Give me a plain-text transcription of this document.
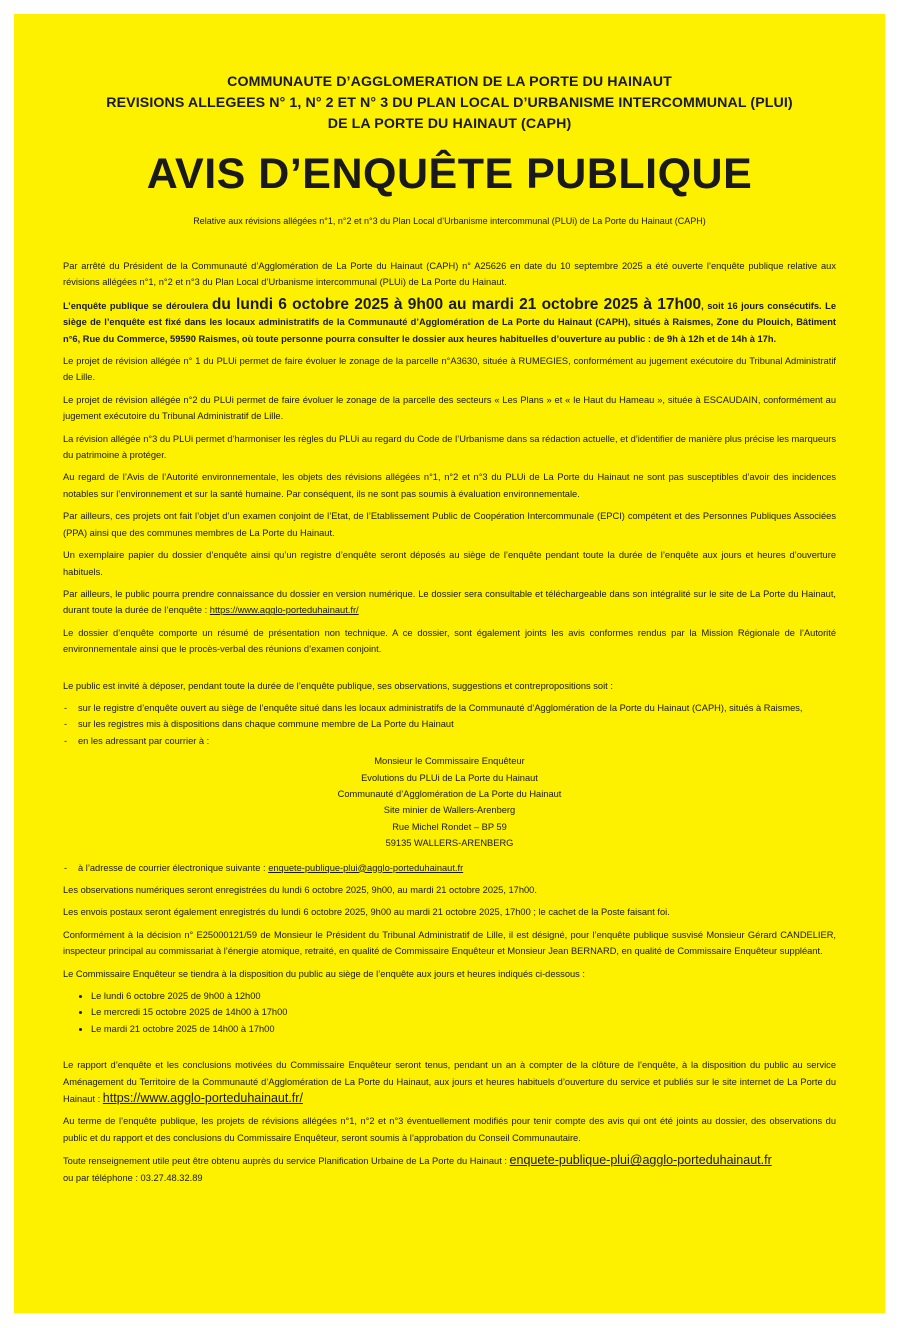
COMMUNAUTE D’AGGLOMERATION DE LA PORTE DU HAINAUT
REVISIONS ALLEGEES N° 1, N° 2 ET N° 3 DU PLAN LOCAL D’URBANISME INTERCOMMUNAL (PLUI)
DE LA PORTE DU HAINAUT (CAPH)
AVIS D’ENQUÊTE PUBLIQUE
Relative aux révisions allégées n°1, n°2 et n°3 du Plan Local d’Urbanisme intercommunal (PLUi) de La Porte du Hainaut (CAPH)

Par arrêté du Président de la Communauté d’Agglomération de La Porte du Hainaut (CAPH) n° A25626 en date du 10 septembre 2025 a été ouverte l’enquête publique relative aux révisions allégées n°1, n°2 et n°3 du Plan Local d’Urbanisme intercommunal (PLUi) de La Porte du Hainaut.

L’enquête publique se déroulera du lundi 6 octobre 2025 à 9h00 au mardi 21 octobre 2025 à 17h00, soit 16 jours consécutifs. Le siège de l’enquête est fixé dans les locaux administratifs de la Communauté d’Agglomération de La Porte du Hainaut (CAPH), situés à Raismes, Zone du Plouich, Bâtiment n°6, Rue du Commerce, 59590 Raismes, où toute personne pourra consulter le dossier aux heures habituelles d’ouverture au public : de 9h à 12h et de 14h à 17h.

Le projet de révision allégée n° 1 du PLUi permet de faire évoluer le zonage de la parcelle n°A3630, située à RUMEGIES, conformément au jugement exécutoire du Tribunal Administratif de Lille.

Le projet de révision allégée n°2 du PLUi permet de faire évoluer le zonage de la parcelle des secteurs « Les Plans » et « le Haut du Hameau », située à ESCAUDAIN, conformément au jugement exécutoire du Tribunal Administratif de Lille.

La révision allégée n°3 du PLUi permet d’harmoniser les règles du PLUi au regard du Code de l’Urbanisme dans sa rédaction actuelle, et d’identifier de manière plus précise les marqueurs du patrimoine à protéger.

Au regard de l’Avis de l’Autorité environnementale, les objets des révisions allégées n°1, n°2 et n°3 du PLUi de La Porte du Hainaut ne sont pas susceptibles d’avoir des incidences notables sur l’environnement et sur la santé humaine. Par conséquent, ils ne sont pas soumis à évaluation environnementale.

Par ailleurs, ces projets ont fait l’objet d’un examen conjoint de l’Etat, de l’Etablissement Public de Coopération Intercommunale (EPCI) compétent et des Personnes Publiques Associées (PPA) ainsi que des communes membres de La Porte du Hainaut.

Un exemplaire papier du dossier d’enquête ainsi qu’un registre d’enquête seront déposés au siège de l’enquête pendant toute la durée de l’enquête aux jours et heures d’ouverture habituels.

Par ailleurs, le public pourra prendre connaissance du dossier en version numérique. Le dossier sera consultable et téléchargeable dans son intégralité sur le site de La Porte du Hainaut, durant toute la durée de l’enquête : https://www.agglo-porteduhainaut.fr/

Le dossier d’enquête comporte un résumé de présentation non technique. A ce dossier, sont également joints les avis conformes rendus par la Mission Régionale de l’Autorité environnementale ainsi que le procès-verbal des réunions d’examen conjoint.

Le public est invité à déposer, pendant toute la durée de l’enquête publique, ses observations, suggestions et contrepropositions soit :

- sur le registre d’enquête ouvert au siège de l’enquête situé dans les locaux administratifs de la Communauté d’Agglomération de la Porte du Hainaut (CAPH), situés à Raismes,
- sur les registres mis à dispositions dans chaque commune membre de La Porte du Hainaut
- en les adressant par courrier à :
Monsieur le Commissaire Enquêteur
Evolutions du PLUi de La Porte du Hainaut
Communauté d’Agglomération de La Porte du Hainaut
Site minier de Wallers-Arenberg
Rue Michel Rondet – BP 59
59135 WALLERS-ARENBERG
- à l’adresse de courrier électronique suivante : enquete-publique-plui@agglo-porteduhainaut.fr

Les observations numériques seront enregistrées du lundi 6 octobre 2025, 9h00, au mardi 21 octobre 2025, 17h00.

Les envois postaux seront également enregistrés du lundi 6 octobre 2025, 9h00 au mardi 21 octobre 2025, 17h00 ; le cachet de la Poste faisant foi.

Conformément à la décision n° E25000121/59 de Monsieur le Président du Tribunal Administratif de Lille, il est désigné, pour l’enquête publique susvisé Monsieur Gérard CANDELIER, inspecteur principal au commissariat à l’énergie atomique, retraité, en qualité de Commissaire Enquêteur et Monsieur Jean BERNARD, en qualité de Commissaire Enquêteur suppléant.

Le Commissaire Enquêteur se tiendra à la disposition du public au siège de l’enquête aux jours et heures indiqués ci-dessous :

• Le lundi 6 octobre 2025 de 9h00 à 12h00
• Le mercredi 15 octobre 2025 de 14h00 à 17h00
• Le mardi 21 octobre 2025 de 14h00 à 17h00

Le rapport d’enquête et les conclusions motivées du Commissaire Enquêteur seront tenus, pendant un an à compter de la clôture de l’enquête, à la disposition du public au service Aménagement du Territoire de la Communauté d’Agglomération de La Porte du Hainaut, aux jours et heures habituels d’ouverture du service et publiés sur le site internet de La Porte du Hainaut : https://www.agglo-porteduhainaut.fr/

Au terme de l’enquête publique, les projets de révisions allégées n°1, n°2 et n°3 éventuellement modifiés pour tenir compte des avis qui ont été joints au dossier, des observations du public et du rapport et des conclusions du Commissaire Enquêteur, seront soumis à l’approbation du Conseil Communautaire.

Toute renseignement utile peut être obtenu auprès du service Planification Urbaine de La Porte du Hainaut : enquete-publique-plui@agglo-porteduhainaut.fr
ou par téléphone : 03.27.48.32.89
